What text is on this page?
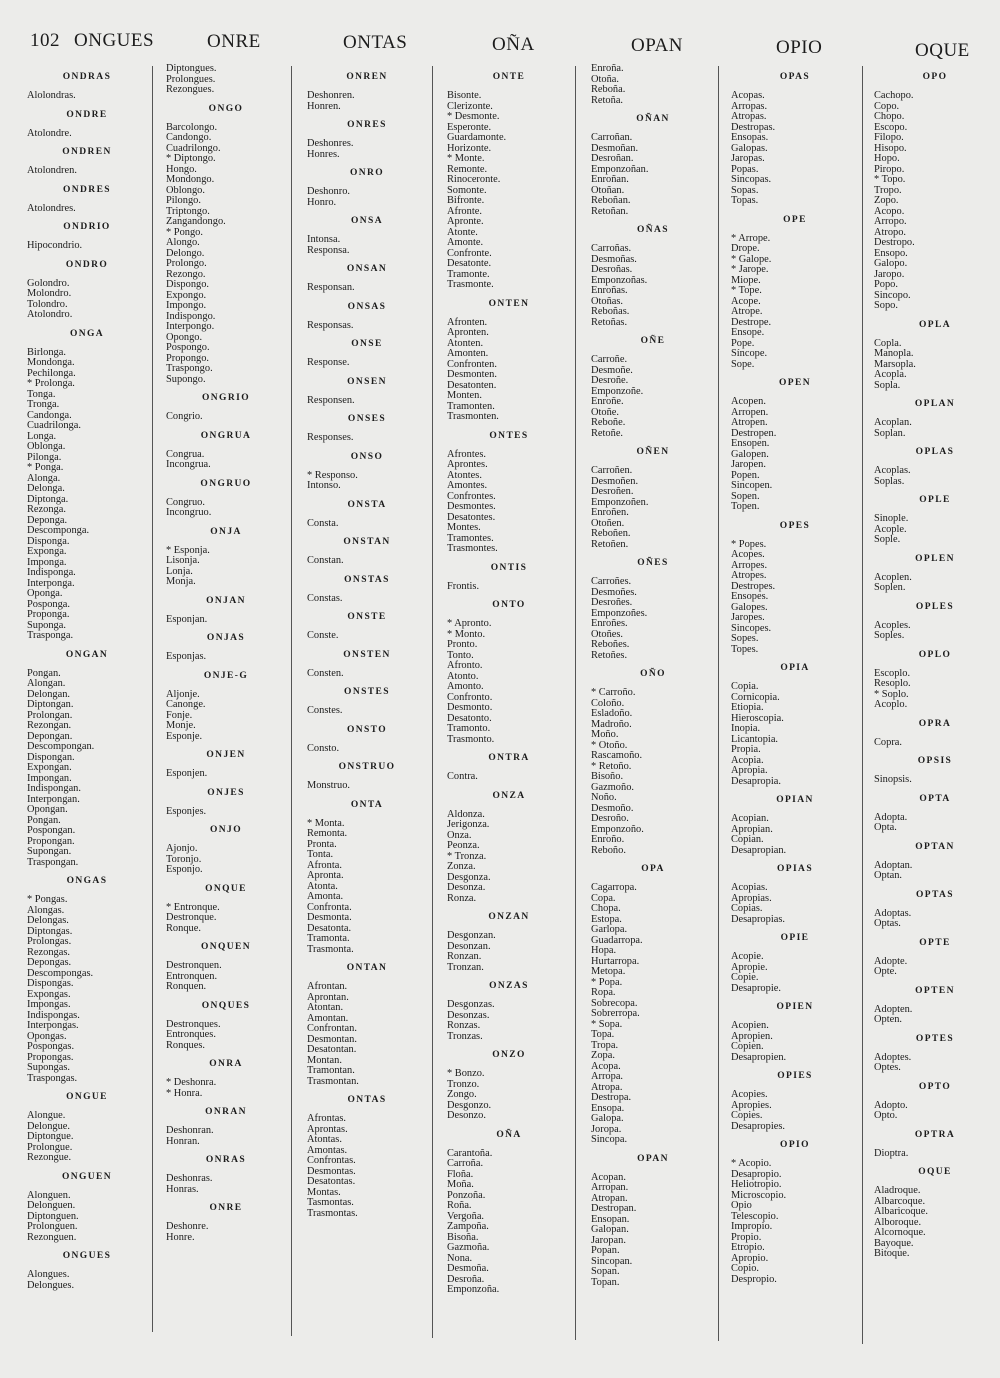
102 ONGUES	ONRE	ONTAS	OÑA	OPAN	OPIO	OQUE
ONDRAS
Alolondras.
ONDRE
Atolondre.
ONDREN
Atolondren.
ONDRES
Atolondres.
ONDRIO
Hipocondrio.
ONDRO
Golondro.
Molondro.
Tolondro.
Atolondro.
ONGA
Birlonga.
Mondonga.
Pechilonga.
* Prolonga.
Tonga.
Tronga.
Candonga.
Cuadrilonga.
Longa.
Oblonga.
Pilonga.
* Ponga.
Alonga.
Delonga.
Diptonga.
Rezonga.
Deponga.
Descomponga.
Disponga.
Exponga.
Imponga.
Indisponga.
Interponga.
Oponga.
Posponga.
Proponga.
Suponga.
Trasponga.
ONGAN
Pongan.
Alongan.
Delongan.
Diptongan.
Prolongan.
Rezongan.
Depongan.
Descompongan.
Dispongan.
Expongan.
Impongan.
Indispongan.
Interpongan.
Opongan.
Pongan.
Pospongan.
Propongan.
Supongan.
Traspongan.
ONGAS
* Pongas.
Alongas.
Delongas.
Diptongas.
Prolongas.
Rezongas.
Depongas.
Descompongas.
Dispongas.
Expongas.
Impongas.
Indispongas.
Interpongas.
Opongas.
Pospongas.
Propongas.
Supongas.
Traspongas.
ONGUE
Alongue.
Delongue.
Diptongue.
Prolongue.
Rezongue.
ONGUEN
Alonguen.
Delonguen.
Diptonguen.
Prolonguen.
Rezonguen.
ONGUES
Alongues.
Delongues.
Diptongues.
Prolongues.
Rezongues.
ONGO
Barcolongo.
Candongo.
Cuadrilongo.
* Diptongo.
Hongo.
Mondongo.
Oblongo.
Pilongo.
Triptongo.
Zangandongo.
* Pongo.
Alongo.
Delongo.
Prolongo.
Rezongo.
Dispongo.
Expongo.
Impongo.
Indispongo.
Interpongo.
Opongo.
Pospongo.
Propongo.
Traspongo.
Supongo.
ONGRIO
Congrio.
ONGRUA
Congrua.
Incongrua.
ONGRUO
Congruo.
Incongruo.
ONJA
* Esponja.
Lisonja.
Lonja.
Monja.
ONJAN
Esponjan.
ONJAS
Esponjas.
ONJE-G
Aljonje.
Canonge.
Fonje.
Monje.
Esponje.
ONJEN
Esponjen.
ONJES
Esponjes.
ONJO
Ajonjo.
Toronjo.
Esponjo.
ONQUE
* Entronque.
Destronque.
Ronque.
ONQUEN
Destronquen.
Entronquen.
Ronquen.
ONQUES
Destronques.
Entronques.
Ronques.
ONRA
* Deshonra.
* Honra.
ONRAN
Deshonran.
Honran.
ONRAS
Deshonras.
Honras.
ONRE
Deshonre.
Honre.
ONREN
Deshonren.
Honren.
ONRES
Deshonres.
Honres.
ONRO
Deshonro.
Honro.
ONSA
Intonsa.
Responsa.
ONSAN
Responsan.
ONSAS
Responsas.
ONSE
Response.
ONSEN
Responsen.
ONSES
Responses.
ONSO
* Responso.
Intonso.
ONSTA
Consta.
ONSTAN
Constan.
ONSTAS
Constas.
ONSTE
Conste.
ONSTEN
Consten.
ONSTES
Constes.
ONSTO
Consto.
ONSTRUO
Monstruo.
ONTA
* Monta.
Remonta.
Pronta.
Tonta.
Afronta.
Apronta.
Atonta.
Amonta.
Confronta.
Desmonta.
Desatonta.
Tramonta.
Trasmonta.
ONTAN
Afrontan.
Aprontan.
Atontan.
Amontan.
Confrontan.
Desmontan.
Desatontan.
Montan.
Tramontan.
Trasmontan.
ONTAS
Afrontas.
Aprontas.
Atontas.
Amontas.
Confrontas.
Desmontas.
Desatontas.
Montas.
Tasmontas.
Trasmontas.
ONTE
Bisonte.
Clerizonte.
* Desmonte.
Esperonte.
Guardamonte.
Horizonte.
* Monte.
Remonte.
Rinoceronte.
Somonte.
Bifronte.
Afronte.
Apronte.
Atonte.
Amonte.
Confronte.
Desatonte.
Tramonte.
Trasmonte.
ONTEN
Afronten.
Apronten.
Atonten.
Amonten.
Confronten.
Desmonten.
Desatonten.
Monten.
Tramonten.
Trasmonten.
ONTES
Afrontes.
Aprontes.
Atontes.
Amontes.
Confrontes.
Desmontes.
Desatontes.
Montes.
Tramontes.
Trasmontes.
ONTIS
Frontis.
ONTO
* Apronto.
* Monto.
Pronto.
Tonto.
Afronto.
Atonto.
Amonto.
Confronto.
Desmonto.
Desatonto.
Tramonto.
Trasmonto.
ONTRA
Contra.
ONZA
Aldonza.
Jerigonza.
Onza.
Peonza.
* Tronza.
Zonza.
Desgonza.
Desonza.
Ronza.
ONZAN
Desgonzan.
Desonzan.
Ronzan.
Tronzan.
ONZAS
Desgonzas.
Desonzas.
Ronzas.
Tronzas.
ONZO
* Bonzo.
Tronzo.
Zongo.
Desgonzo.
Desonzo.
OÑA
Carantoña.
Carroña.
Floña.
Moña.
Ponzoña.
Roña.
Vergoña.
Zampoña.
Bisoña.
Gazmoña.
Nona.
Desmoña.
Desroña.
Emponzoña.
Enroña.
Otoña.
Reboña.
Retoña.
OÑAN
Carroñan.
Desmoñan.
Desroñan.
Emponzoñan.
Enroñan.
Otoñan.
Reboñan.
Retoñan.
OÑAS
Carroñas.
Desmoñas.
Desroñas.
Emponzoñas.
Enroñas.
Otoñas.
Reboñas.
Retoñas.
OÑE
Carroñe.
Desmoñe.
Desroñe.
Emponzoñe.
Enroñe.
Otoñe.
Reboñe.
Retoñe.
OÑEN
Carroñen.
Desmoñen.
Desroñen.
Emponzoñen.
Enroñen.
Otoñen.
Reboñen.
Retoñen.
OÑES
Carroñes.
Desmoñes.
Desroñes.
Emponzoñes.
Enroñes.
Otoñes.
Reboñes.
Retoñes.
OÑO
* Carroño.
Coloño.
Esladoño.
Madroño.
Moño.
* Otoño.
Rascamoño.
* Retoño.
Bisoño.
Gazmoño.
Noño.
Desmoño.
Desroño.
Emponzoño.
Enroño.
Reboño.
OPA
Cagarropa.
Copa.
Chopa.
Estopa.
Garlopa.
Guadarropa.
Hopa.
Hurtarropa.
Metopa.
* Popa.
Ropa.
Sobrecopa.
Sobrerropa.
* Sopa.
Topa.
Tropa.
Zopa.
Acopa.
Arropa.
Atropa.
Destropa.
Ensopa.
Galopa.
Joropa.
Sincopa.
OPAN
Acopan.
Arropan.
Atropan.
Destropan.
Ensopan.
Galopan.
Jaropan.
Popan.
Sincopan.
Sopan.
Topan.
OPAS
Acopas.
Arropas.
Atropas.
Destropas.
Ensopas.
Galopas.
Jaropas.
Popas.
Sincopas.
Sopas.
Topas.
OPE
* Arrope.
Drope.
* Galope.
* Jarope.
Miope.
* Tope.
Acope.
Atrope.
Destrope.
Ensope.
Pope.
Síncope.
Sope.
OPEN
Acopen.
Arropen.
Atropen.
Destropen.
Ensopen.
Galopen.
Jaropen.
Popen.
Sincopen.
Sopen.
Topen.
OPES
* Popes.
Acopes.
Arropes.
Atropes.
Destropes.
Ensopes.
Galopes.
Jaropes.
Sincopes.
Sopes.
Topes.
OPIA
Copia.
Cornicopia.
Etiopia.
Hieroscopia.
Inopia.
Licantopia.
Propia.
Acopia.
Apropia.
Desapropia.
OPIAN
Acopian.
Apropian.
Copian.
Desapropian.
OPIAS
Acopias.
Apropias.
Copias.
Desapropias.
OPIE
Acopie.
Apropie.
Copie.
Desapropie.
OPIEN
Acopien.
Apropien.
Copien.
Desapropien.
OPIES
Acopies.
Apropies.
Copies.
Desapropies.
OPIO
* Acopio.
Desapropio.
Heliotropio.
Microscopio.
Opio
Telescopio.
Impropio.
Propio.
Etropio.
Apropio.
Copio.
Despropio.
OPO
Cachopo.
Copo.
Chopo.
Escopo.
Filopo.
Hisopo.
Hopo.
Piropo.
* Topo.
Tropo.
Zopo.
Acopo.
Arropo.
Atropo.
Destropo.
Ensopo.
Galopo.
Jaropo.
Popo.
Sincopo.
Sopo.
OPLA
Copla.
Manopla.
Marsopla.
Acopla.
Sopla.
OPLAN
Acoplan.
Soplan.
OPLAS
Acoplas.
Soplas.
OPLE
Sinople.
Acople.
Sople.
OPLEN
Acoplen.
Soplen.
OPLES
Acoples.
Soples.
OPLO
Escoplo.
Resoplo.
* Soplo.
Acoplo.
OPRA
Copra.
OPSIS
Sinopsis.
OPTA
Adopta.
Opta.
OPTAN
Adoptan.
Optan.
OPTAS
Adoptas.
Optas.
OPTE
Adopte.
Opte.
OPTEN
Adopten.
Opten.
OPTES
Adoptes.
Optes.
OPTO
Adopto.
Opto.
OPTRA
Dioptra.
OQUE
Aladroque.
Albarcoque.
Albaricoque.
Alboroque.
Alcornoque.
Bayoque.
Bitoque.
